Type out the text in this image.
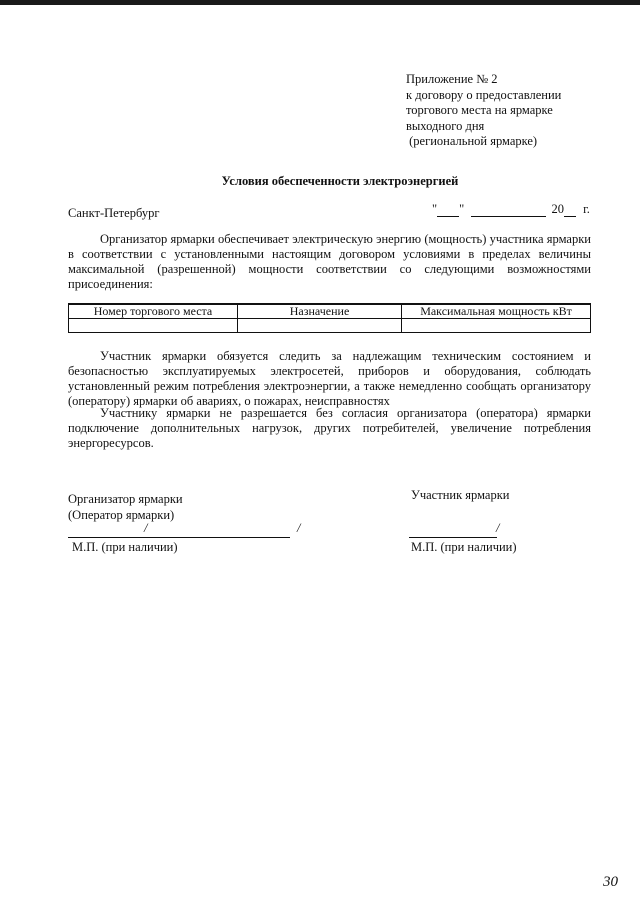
Приложение № 2
к договору о предоставлении
торгового места на ярмарке
выходного дня
(региональной ярмарке)
Условия обеспеченности электроэнергией
Санкт-Петербург	" "	20 г.
Организатор ярмарки обеспечивает электрическую энергию (мощность) участника ярмарки в соответствии с установленными настоящим договором условиями в пределах величины максимальной (разрешенной) мощности соответствии со следующими возможностями присоединения:
Номер торгового места	Назначение	Максимальная мощность кВт

Участник ярмарки обязуется следить за надлежащим техническим состоянием и безопасностью эксплуатируемых электросетей, приборов и оборудования, соблюдать установленный режим потребления электроэнергии, а также немедленно сообщать организатору (оператору) ярмарки об авариях, о пожарах, неисправностях
Участнику ярмарки не разрешается без согласия организатора (оператора) ярмарки подключение дополнительных нагрузок, других потребителей, увеличение потребления энергоресурсов.
Организатор ярмарки
(Оператор ярмарки)
/	/
М.П. (при наличии)
Участник ярмарки
/
М.П. (при наличии)
30
